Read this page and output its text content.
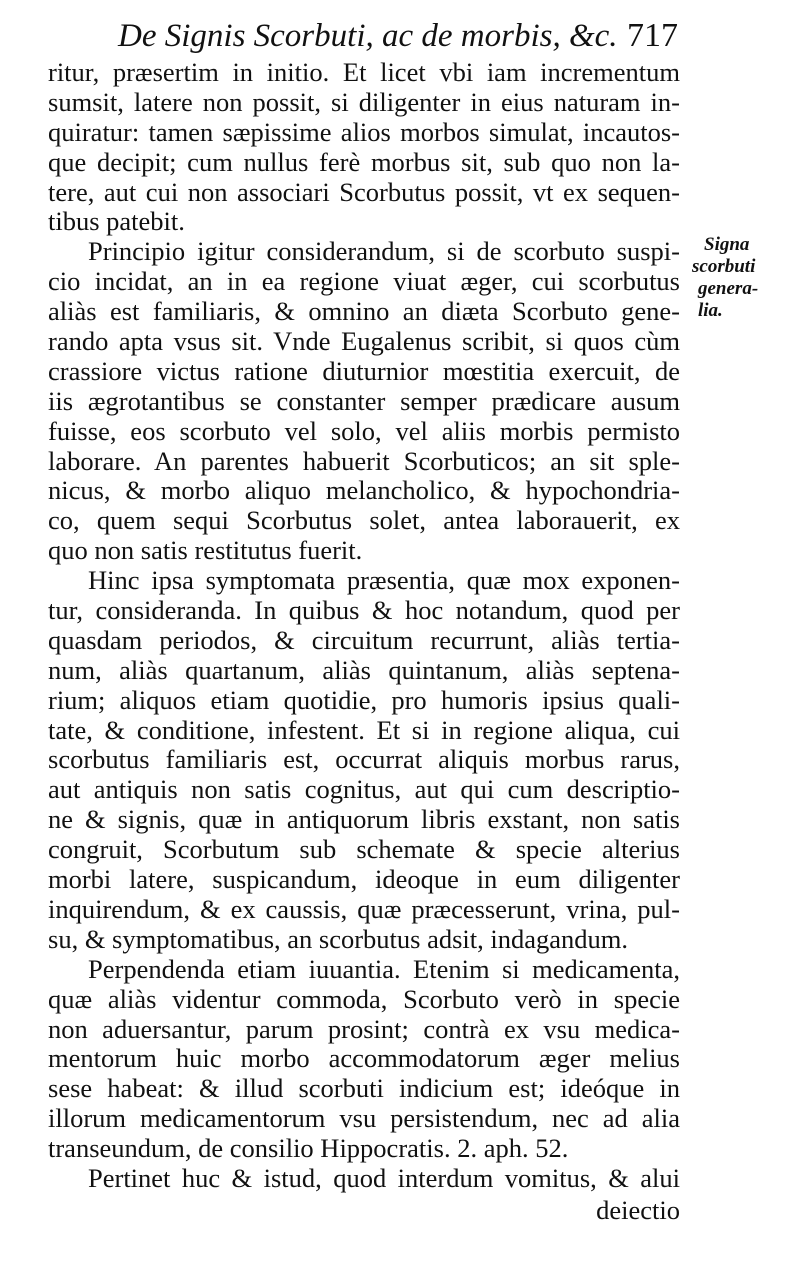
De Signis Scorbuti, ac de morbis, &c. 717
Signa
scorbuti
genera-
lia.
ritur, præsertim in initio. Et licet vbi iam incrementum
sumsit, latere non possit, si diligenter in eius naturam in-
quiratur: tamen sæpissime alios morbos simulat, incautos-
que decipit; cum nullus ferè morbus sit, sub quo non la-
tere, aut cui non associari Scorbutus possit, vt ex sequen-
tibus patebit.
Principio igitur considerandum, si de scorbuto suspi-
cio incidat, an in ea regione viuat æger, cui scorbutus
aliàs est familiaris, & omnino an diæta Scorbuto gene-
rando apta vsus sit. Vnde Eugalenus scribit, si quos cùm
crassiore victus ratione diuturnior mœstitia exercuit, de
iis ægrotantibus se constanter semper prædicare ausum
fuisse, eos scorbuto vel solo, vel aliis morbis permisto
laborare. An parentes habuerit Scorbuticos; an sit sple-
nicus, & morbo aliquo melancholico, & hypochondria-
co, quem sequi Scorbutus solet, antea laborauerit, ex
quo non satis restitutus fuerit.
Hinc ipsa symptomata præsentia, quæ mox exponen-
tur, consideranda. In quibus & hoc notandum, quod per
quasdam periodos, & circuitum recurrunt, aliàs tertia-
num, aliàs quartanum, aliàs quintanum, aliàs septena-
rium; aliquos etiam quotidie, pro humoris ipsius quali-
tate, & conditione, infestent. Et si in regione aliqua, cui
scorbutus familiaris est, occurrat aliquis morbus rarus,
aut antiquis non satis cognitus, aut qui cum descriptio-
ne & signis, quæ in antiquorum libris exstant, non satis
congruit, Scorbutum sub schemate & specie alterius
morbi latere, suspicandum, ideoque in eum diligenter
inquirendum, & ex caussis, quæ præcesserunt, vrina, pul-
su, & symptomatibus, an scorbutus adsit, indagandum.
Perpendenda etiam iuuantia. Etenim si medicamenta,
quæ aliàs videntur commoda, Scorbuto verò in specie
non aduersantur, parum prosint; contrà ex vsu medica-
mentorum huic morbo accommodatorum æger melius
sese habeat: & illud scorbuti indicium est; ideóque in
illorum medicamentorum vsu persistendum, nec ad alia
transeundum, de consilio Hippocratis. 2. aph. 52.
Pertinet huc & istud, quod interdum vomitus, & alui
deiectio
